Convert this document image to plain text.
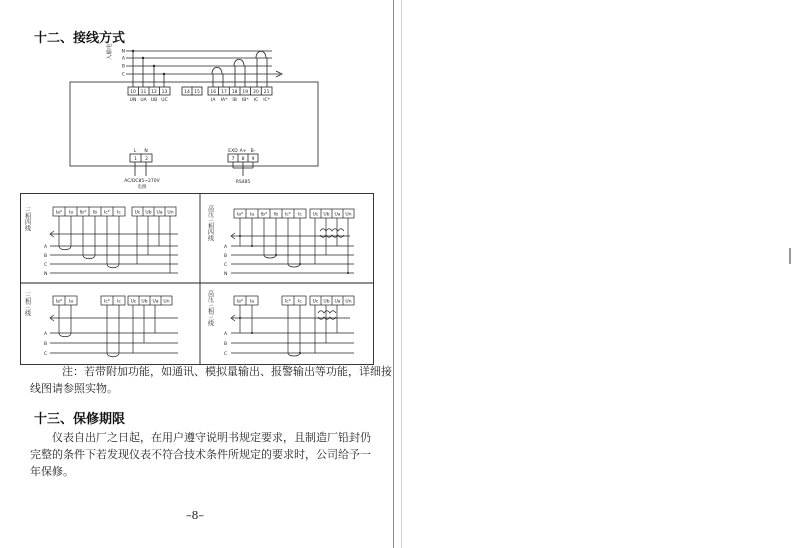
十二、接线方式
入输电 N
A
B
C
10 11 12 13
UN UA UB UC
14 15 16 17 18 19 20 21
IA IA* IB IB* IC IC*
L N
1 2
AC/DC85~270V
电源
EXD A+ B-
7 8 9
RS485
三相四线	Ia* Ia Ib* Ib Ic* Ic	Uc Ub Ua Un
A
B
C
N
高压三相四线	Ia* Ia Ib* Ib Ic* Ic Uc Ub Ua Un
A
B
C
N
三相三线	Ia* Ia	Ic* Ic Uc Ub Ua Un
A
B
C
高压三相三线	Ia* Ia	Ic* Ic Uc Ub Ua Un
A
B
C
注：若带附加功能，如通讯、模拟量输出、报警输出等功能，详细接
线图请参照实物。
十三、保修期限
仪表自出厂之日起，在用户遵守说明书规定要求，且制造厂铅封仍
完整的条件下若发现仪表不符合技术条件所规定的要求时，公司给予一
年保修。
–8–
